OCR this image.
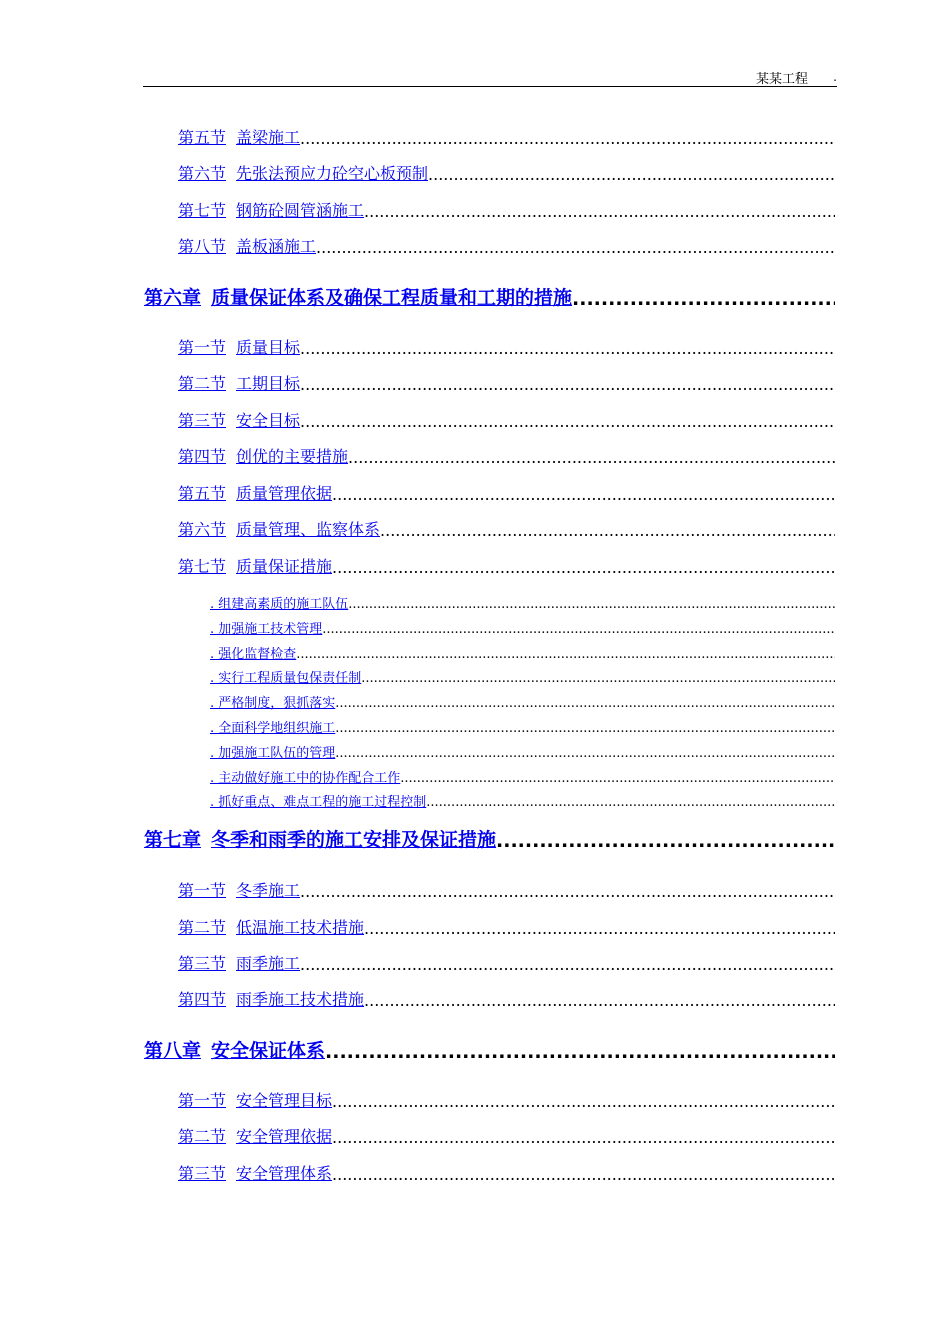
某某工程 .
第五节 盖梁施工
.....
第六节 先张法预应力砼空心板预制
.....
第七节 钢筋砼圆管涵施工
.....
第八节 盖板涵施工
.....
第六章 质量保证体系及确保工程质量和工期的措施
.....
第一节 质量目标
.....
第二节 工期目标
.....
第三节 安全目标
.....
第四节 创优的主要措施
.....
第五节 质量管理依据
.....
第六节 质量管理、监察体系
.....
第七节 质量保证措施
.....
. 组建高素质的施工队伍
.....
. 加强施工技术管理
.....
. 强化监督检查
.....
. 实行工程质量包保责任制
.....
. 严格制度，狠抓落实
.....
. 全面科学地组织施工
.....
. 加强施工队伍的管理
.....
. 主动做好施工中的协作配合工作
.....
. 抓好重点、难点工程的施工过程控制
.....
第七章 冬季和雨季的施工安排及保证措施
.....
第一节 冬季施工
.....
第二节 低温施工技术措施
.....
第三节 雨季施工
.....
第四节 雨季施工技术措施
.....
第八章 安全保证体系
.....
第一节 安全管理目标
.....
第二节 安全管理依据
.....
第三节 安全管理体系
.....
